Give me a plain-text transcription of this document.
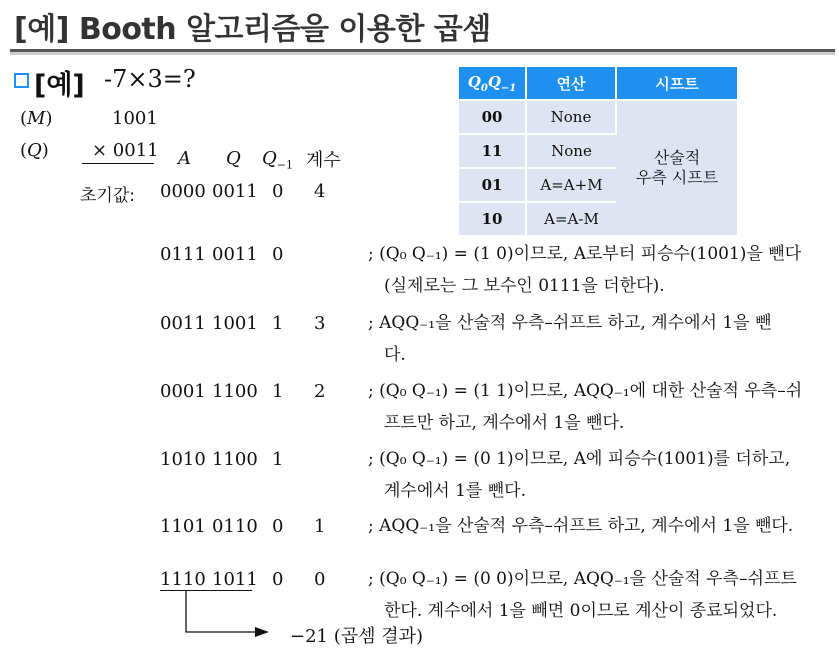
[예] Booth 알고리즘을 이용한 곱셈
[예] -7×3=?
(M)	1001
(Q) × 0011 A Q $Q_{-1}$ 계수
초기값: 0000 0011 0 4
$Q_0Q_{-1}$	연산	시프트
00	None	산술적
우측 시프트

11	None	
01	A=A+M	
10	A=A-M	
0111 0011 0	; (Q₀ Q₋₁) = (1 0)이므로, A로부터 피승수(1001)을 뺀다
(실제로는 그 보수인 0111을 더한다).
0011 1001 1 3	; AQQ₋₁을 산술적 우측–쉬프트 하고, 계수에서 1을 뺀
다.
0001 1100 1 2	; (Q₀ Q₋₁) = (1 1)이므로, AQQ₋₁에 대한 산술적 우측–쉬
프트만 하고, 계수에서 1을 뺀다.
1010 1100 1	; (Q₀ Q₋₁) = (0 1)이므로, A에 피승수(1001)를 더하고,
계수에서 1를 뺀다.
1101 0110 0 1	; AQQ₋₁을 산술적 우측–쉬프트 하고, 계수에서 1을 뺀다.
1110 1011 0 0	; (Q₀ Q₋₁) = (0 0)이므로, AQQ₋₁을 산술적 우측–쉬프트
한다. 계수에서 1을 빼면 0이므로 계산이 종료되었다.
−21 (곱셈 결과)
